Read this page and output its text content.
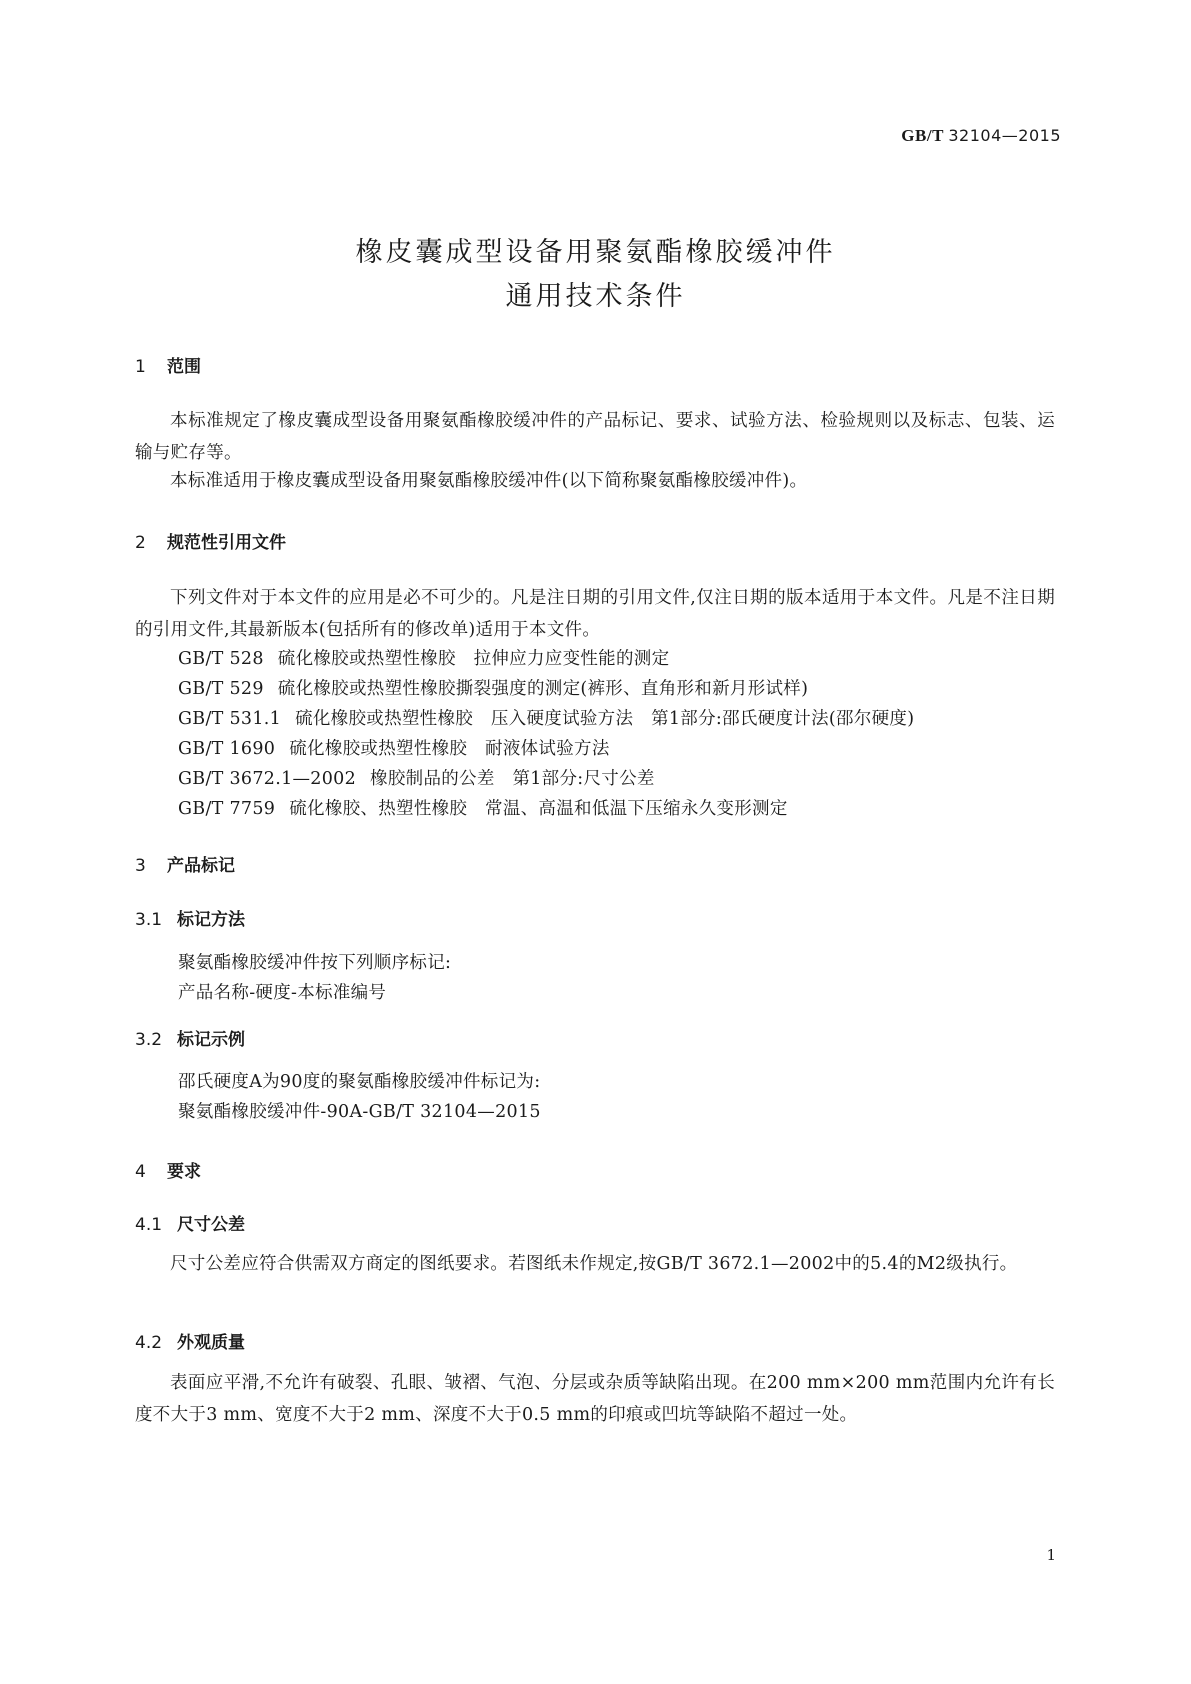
GB/T 32104—2015
橡皮囊成型设备用聚氨酯橡胶缓冲件
通用技术条件
1 范围
本标准规定了橡皮囊成型设备用聚氨酯橡胶缓冲件的产品标记、要求、试验方法、检验规则以及标志、包装、运输与贮存等。
本标准适用于橡皮囊成型设备用聚氨酯橡胶缓冲件(以下简称聚氨酯橡胶缓冲件)。
2 规范性引用文件
下列文件对于本文件的应用是必不可少的。凡是注日期的引用文件,仅注日期的版本适用于本文件。凡是不注日期的引用文件,其最新版本(包括所有的修改单)适用于本文件。
GB/T 528 硫化橡胶或热塑性橡胶　拉伸应力应变性能的测定
GB/T 529 硫化橡胶或热塑性橡胶撕裂强度的测定(裤形、直角形和新月形试样)
GB/T 531.1 硫化橡胶或热塑性橡胶　压入硬度试验方法　第1部分:邵氏硬度计法(邵尔硬度)
GB/T 1690 硫化橡胶或热塑性橡胶　耐液体试验方法
GB/T 3672.1—2002 橡胶制品的公差　第1部分:尺寸公差
GB/T 7759 硫化橡胶、热塑性橡胶　常温、高温和低温下压缩永久变形测定
3 产品标记
3.1 标记方法
聚氨酯橡胶缓冲件按下列顺序标记:
产品名称-硬度-本标准编号
3.2 标记示例
邵氏硬度A为90度的聚氨酯橡胶缓冲件标记为:
聚氨酯橡胶缓冲件-90A-GB/T 32104—2015
4 要求
4.1 尺寸公差
尺寸公差应符合供需双方商定的图纸要求。若图纸未作规定,按GB/T 3672.1—2002中的5.4的M2级执行。
4.2 外观质量
表面应平滑,不允许有破裂、孔眼、皱褶、气泡、分层或杂质等缺陷出现。在200 mm×200 mm范围内允许有长度不大于3 mm、宽度不大于2 mm、深度不大于0.5 mm的印痕或凹坑等缺陷不超过一处。
1
